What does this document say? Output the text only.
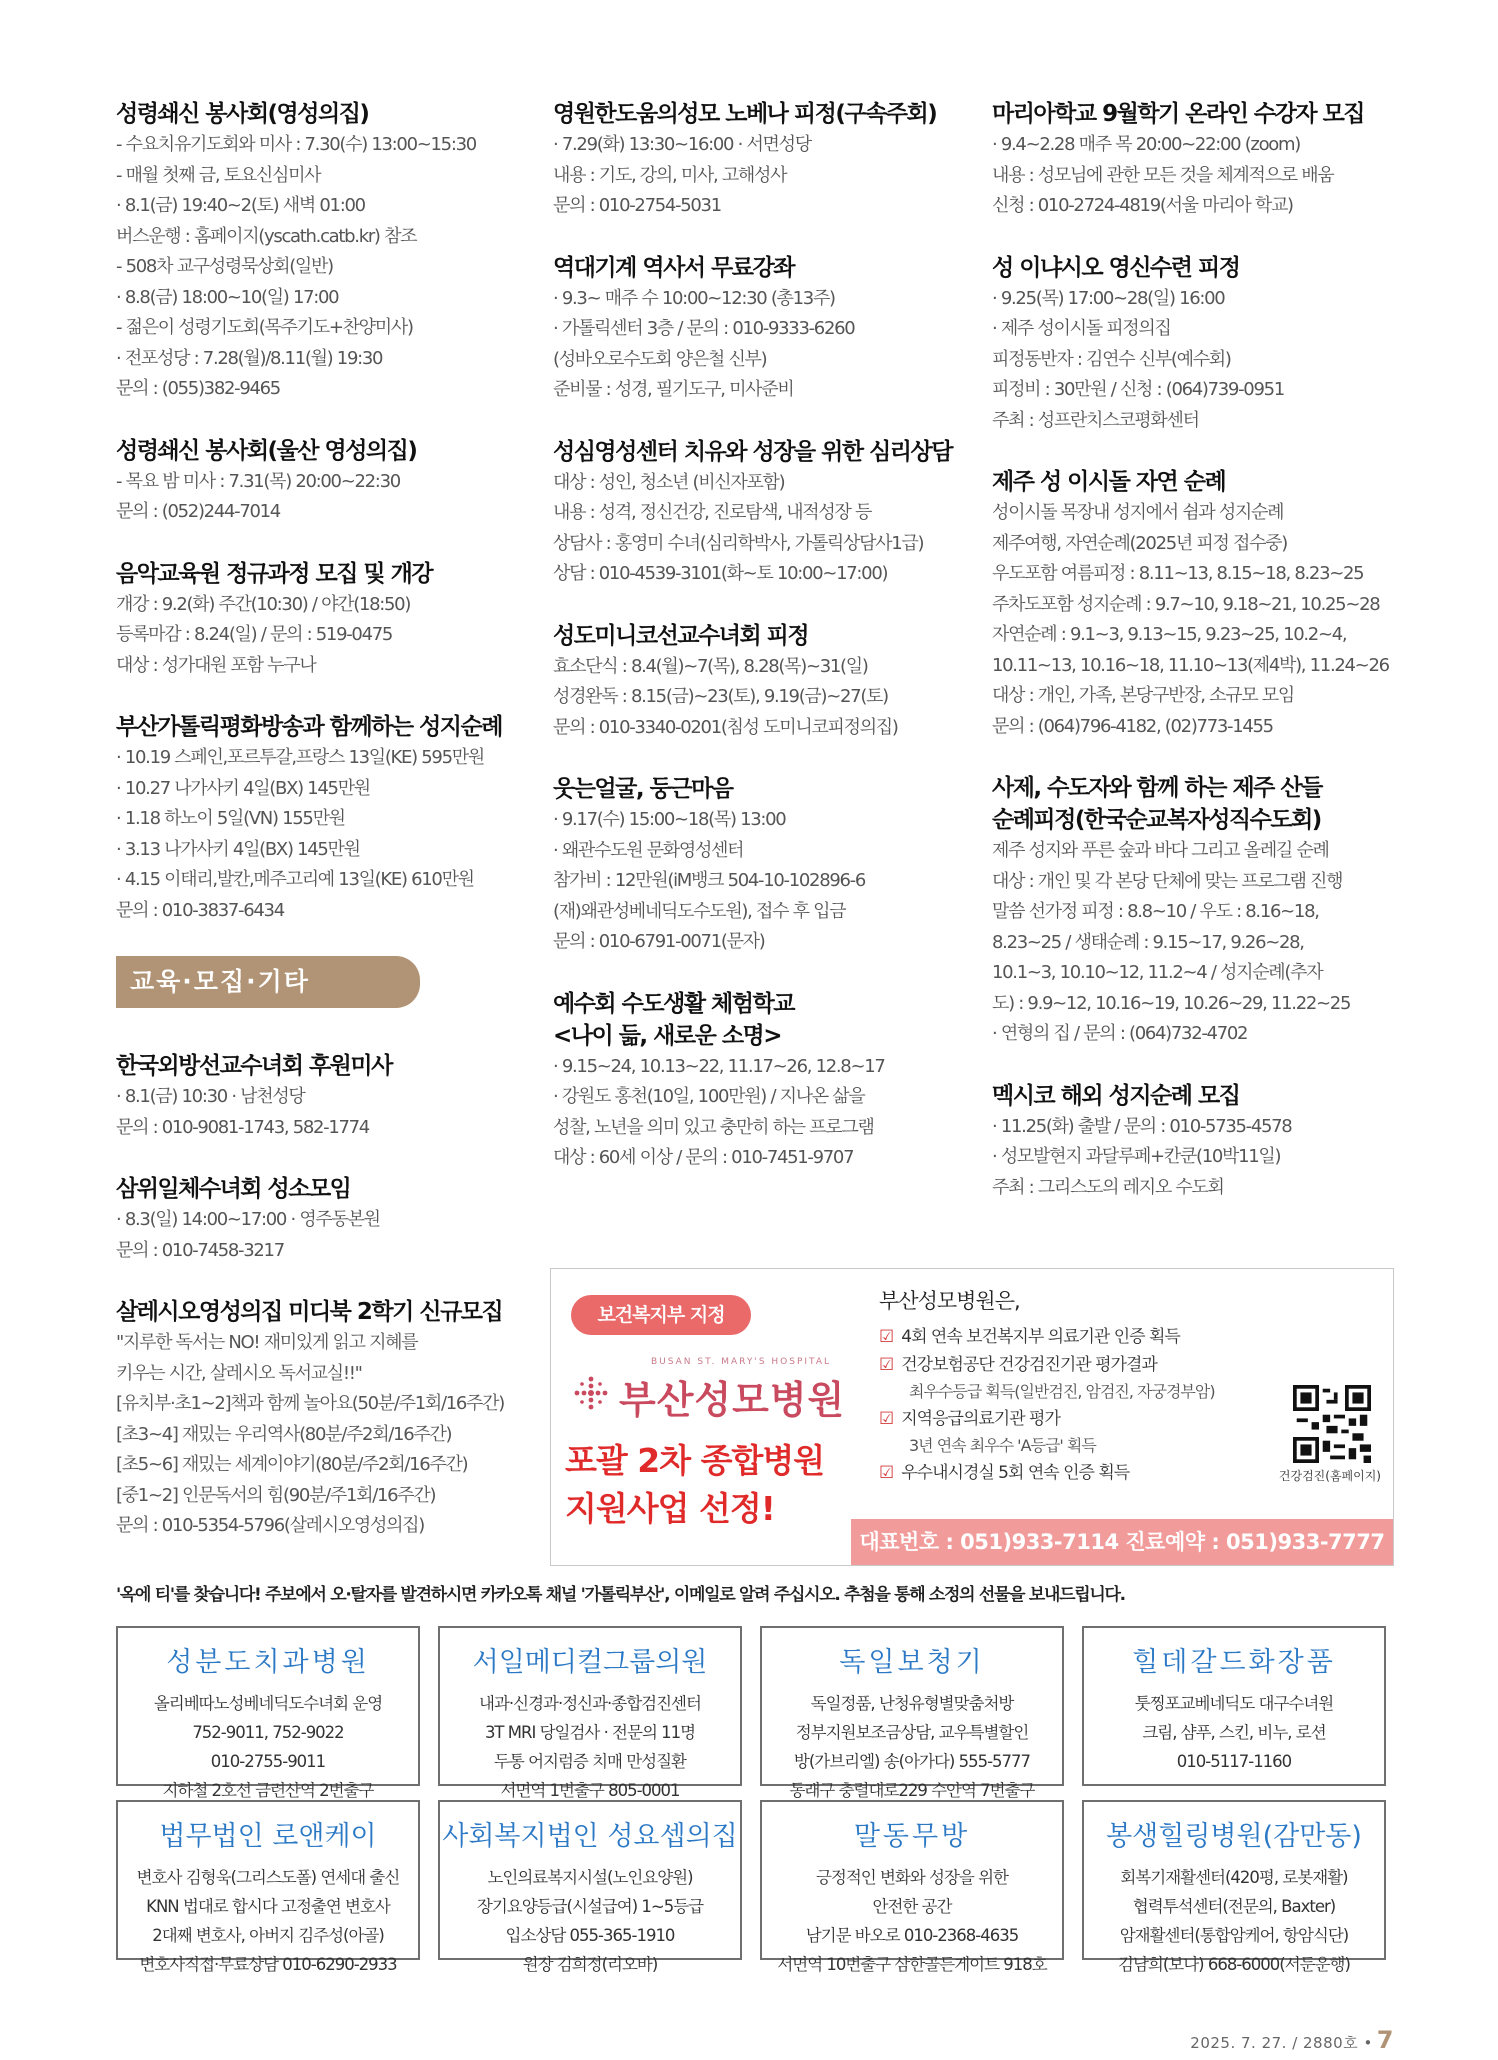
성령쇄신 봉사회(영성의집)
- 수요치유기도회와 미사 : 7.30(수) 13:00~15:30
- 매월 첫째 금, 토요신심미사
· 8.1(금) 19:40~2(토) 새벽 01:00
버스운행 : 홈페이지(yscath.catb.kr) 참조
- 508차 교구성령묵상회(일반)
· 8.8(금) 18:00~10(일) 17:00
- 젊은이 성령기도회(목주기도+찬양미사)
· 전포성당 : 7.28(월)/8.11(월) 19:30
문의 : (055)382-9465
성령쇄신 봉사회(울산 영성의집)
- 목요 밤 미사 : 7.31(목) 20:00~22:30
문의 : (052)244-7014
음악교육원 정규과정 모집 및 개강
개강 : 9.2(화) 주간(10:30) / 야간(18:50)
등록마감 : 8.24(일) / 문의 : 519-0475
대상 : 성가대원 포함 누구나
부산가톨릭평화방송과 함께하는 성지순례
· 10.19 스페인,포르투갈,프랑스 13일(KE) 595만원
· 10.27 나가사키 4일(BX) 145만원
· 1.18 하노이 5일(VN) 155만원
· 3.13 나가사키 4일(BX) 145만원
· 4.15 이태리,발칸,메주고리예 13일(KE) 610만원
문의 : 010-3837-6434
교육·모집·기타
한국외방선교수녀회 후원미사
· 8.1(금) 10:30 · 남천성당
문의 : 010-9081-1743, 582-1774
삼위일체수녀회 성소모임
· 8.3(일) 14:00~17:00 · 영주동본원
문의 : 010-7458-3217
살레시오영성의집 미디북 2학기 신규모집
"지루한 독서는 NO! 재미있게 읽고 지혜를
키우는 시간, 살레시오 독서교실!!"
[유치부·초1~2]책과 함께 놀아요(50분/주1회/16주간)
[초3~4] 재밌는 우리역사(80분/주2회/16주간)
[초5~6] 재밌는 세계이야기(80분/주2회/16주간)
[중1~2] 인문독서의 힘(90분/주1회/16주간)
문의 : 010-5354-5796(살레시오영성의집)
영원한도움의성모 노베나 피정(구속주회)
· 7.29(화) 13:30~16:00 · 서면성당
내용 : 기도, 강의, 미사, 고해성사
문의 : 010-2754-5031
역대기계 역사서 무료강좌
· 9.3~ 매주 수 10:00~12:30 (총13주)
· 가톨릭센터 3층 / 문의 : 010-9333-6260
(성바오로수도회 양은철 신부)
준비물 : 성경, 필기도구, 미사준비
성심영성센터 치유와 성장을 위한 심리상담
대상 : 성인, 청소년 (비신자포함)
내용 : 성격, 정신건강, 진로탐색, 내적성장 등
상담사 : 홍영미 수녀(심리학박사, 가톨릭상담사1급)
상담 : 010-4539-3101(화~토 10:00~17:00)
성도미니코선교수녀회 피정
효소단식 : 8.4(월)~7(목), 8.28(목)~31(일)
성경완독 : 8.15(금)~23(토), 9.19(금)~27(토)
문의 : 010-3340-0201(침성 도미니코피정의집)
웃는얼굴, 둥근마음
· 9.17(수) 15:00~18(목) 13:00
· 왜관수도원 문화영성센터
참가비 : 12만원(iM뱅크 504-10-102896-6
(재)왜관성베네딕도수도원), 접수 후 입금
문의 : 010-6791-0071(문자)
예수회 수도생활 체험학교
<나이 듦, 새로운 소명>
· 9.15~24, 10.13~22, 11.17~26, 12.8~17
· 강원도 홍천(10일, 100만원) / 지나온 삶을
성찰, 노년을 의미 있고 충만히 하는 프로그램
대상 : 60세 이상 / 문의 : 010-7451-9707
마리아학교 9월학기 온라인 수강자 모집
· 9.4~2.28 매주 목 20:00~22:00 (zoom)
내용 : 성모님에 관한 모든 것을 체계적으로 배움
신청 : 010-2724-4819(서울 마리아 학교)
성 이냐시오 영신수련 피정
· 9.25(목) 17:00~28(일) 16:00
· 제주 성이시돌 피정의집
피정동반자 : 김연수 신부(예수회)
피정비 : 30만원 / 신청 : (064)739-0951
주최 : 성프란치스코평화센터
제주 성 이시돌 자연 순례
성이시돌 목장내 성지에서 쉼과 성지순례
제주여행, 자연순례(2025년 피정 접수중)
우도포함 여름피정 : 8.11~13, 8.15~18, 8.23~25
주차도포함 성지순례 : 9.7~10, 9.18~21, 10.25~28
자연순례 : 9.1~3, 9.13~15, 9.23~25, 10.2~4,
10.11~13, 10.16~18, 11.10~13(제4박), 11.24~26
대상 : 개인, 가족, 본당구반장, 소규모 모임
문의 : (064)796-4182, (02)773-1455
사제, 수도자와 함께 하는 제주 산들
순례피정(한국순교복자성직수도회)
제주 성지와 푸른 숲과 바다 그리고 올레길 순례
대상 : 개인 및 각 본당 단체에 맞는 프로그램 진행
말씀 선가정 피정 : 8.8~10 / 우도 : 8.16~18,
8.23~25 / 생태순례 : 9.15~17, 9.26~28,
10.1~3, 10.10~12, 11.2~4 / 성지순례(추자
도) : 9.9~12, 10.16~19, 10.26~29, 11.22~25
· 연형의 집 / 문의 : (064)732-4702
멕시코 해외 성지순례 모집
· 11.25(화) 출발 / 문의 : 010-5735-4578
· 성모발현지 과달루페+칸쿤(10박11일)
주최 : 그리스도의 레지오 수도회
보건복지부 지정
BUSAN ST. MARY'S HOSPITAL
부산성모병원
포괄 2차 종합병원
지원사업 선정!
부산성모병원은,
☑ 4회 연속 보건복지부 의료기관 인증 획득
☑ 건강보험공단 건강검진기관 평가결과
최우수등급 획득(일반검진, 암검진, 자궁경부암)
☑ 지역응급의료기관 평가
3년 연속 최우수 'A등급' 획득
☑ 우수내시경실 5회 연속 인증 획득	건강검진(홈페이지)
대표번호 : 051)933-7114 진료예약 : 051)933-7777
'옥에 티'를 찾습니다! 주보에서 오·탈자를 발견하시면 카카오톡 채널 '가톨릭부산', 이메일로 알려 주십시오. 추첨을 통해 소정의 선물을 보내드립니다.
성분도치과병원
올리베따노성베네딕도수녀회 운영
752-9011, 752-9022
010-2755-9011
지하철 2호선 금련산역 2번출구
서일메디컬그룹의원
내과·신경과·정신과·종합검진센터
3T MRI 당일검사 · 전문의 11명
두통 어지럼증 치매 만성질환
서면역 1번출구 805-0001
독일보청기
독일정품, 난청유형별맞춤처방
정부지원보조금상담, 교우특별할인
방(가브리엘) 송(아가다) 555-5777
동래구 충렬대로229 수안역 7번출구
힐데갈드화장품
툿찡포교베네딕도 대구수녀원
크림, 샴푸, 스킨, 비누, 로션
010-5117-1160
법무법인 로앤케이
변호사 김형욱(그리스도폴) 연세대 출신
KNN 법대로 합시다 고정출연 변호사
2대째 변호사, 아버지 김주성(아골)
변호사직접·무료상담 010-6290-2933
사회복지법인 성요셉의집
노인의료복지시설(노인요양원)
장기요양등급(시설급여) 1~5등급
입소상담 055-365-1910
원장 김희정(리오바)
말동무방
긍정적인 변화와 성장을 위한
안전한 공간
남기문 바오로 010-2368-4635
서면역 10번출구 삼한골든게이트 918호
봉생힐링병원(감만동)
회복기재활센터(420평, 로봇재활)
협력투석센터(전문의, Baxter)
암재활센터(통합암케어, 항암식단)
김남희(보나) 668-6000(서둔운행)
2025. 7. 27. / 2880호 • 7
